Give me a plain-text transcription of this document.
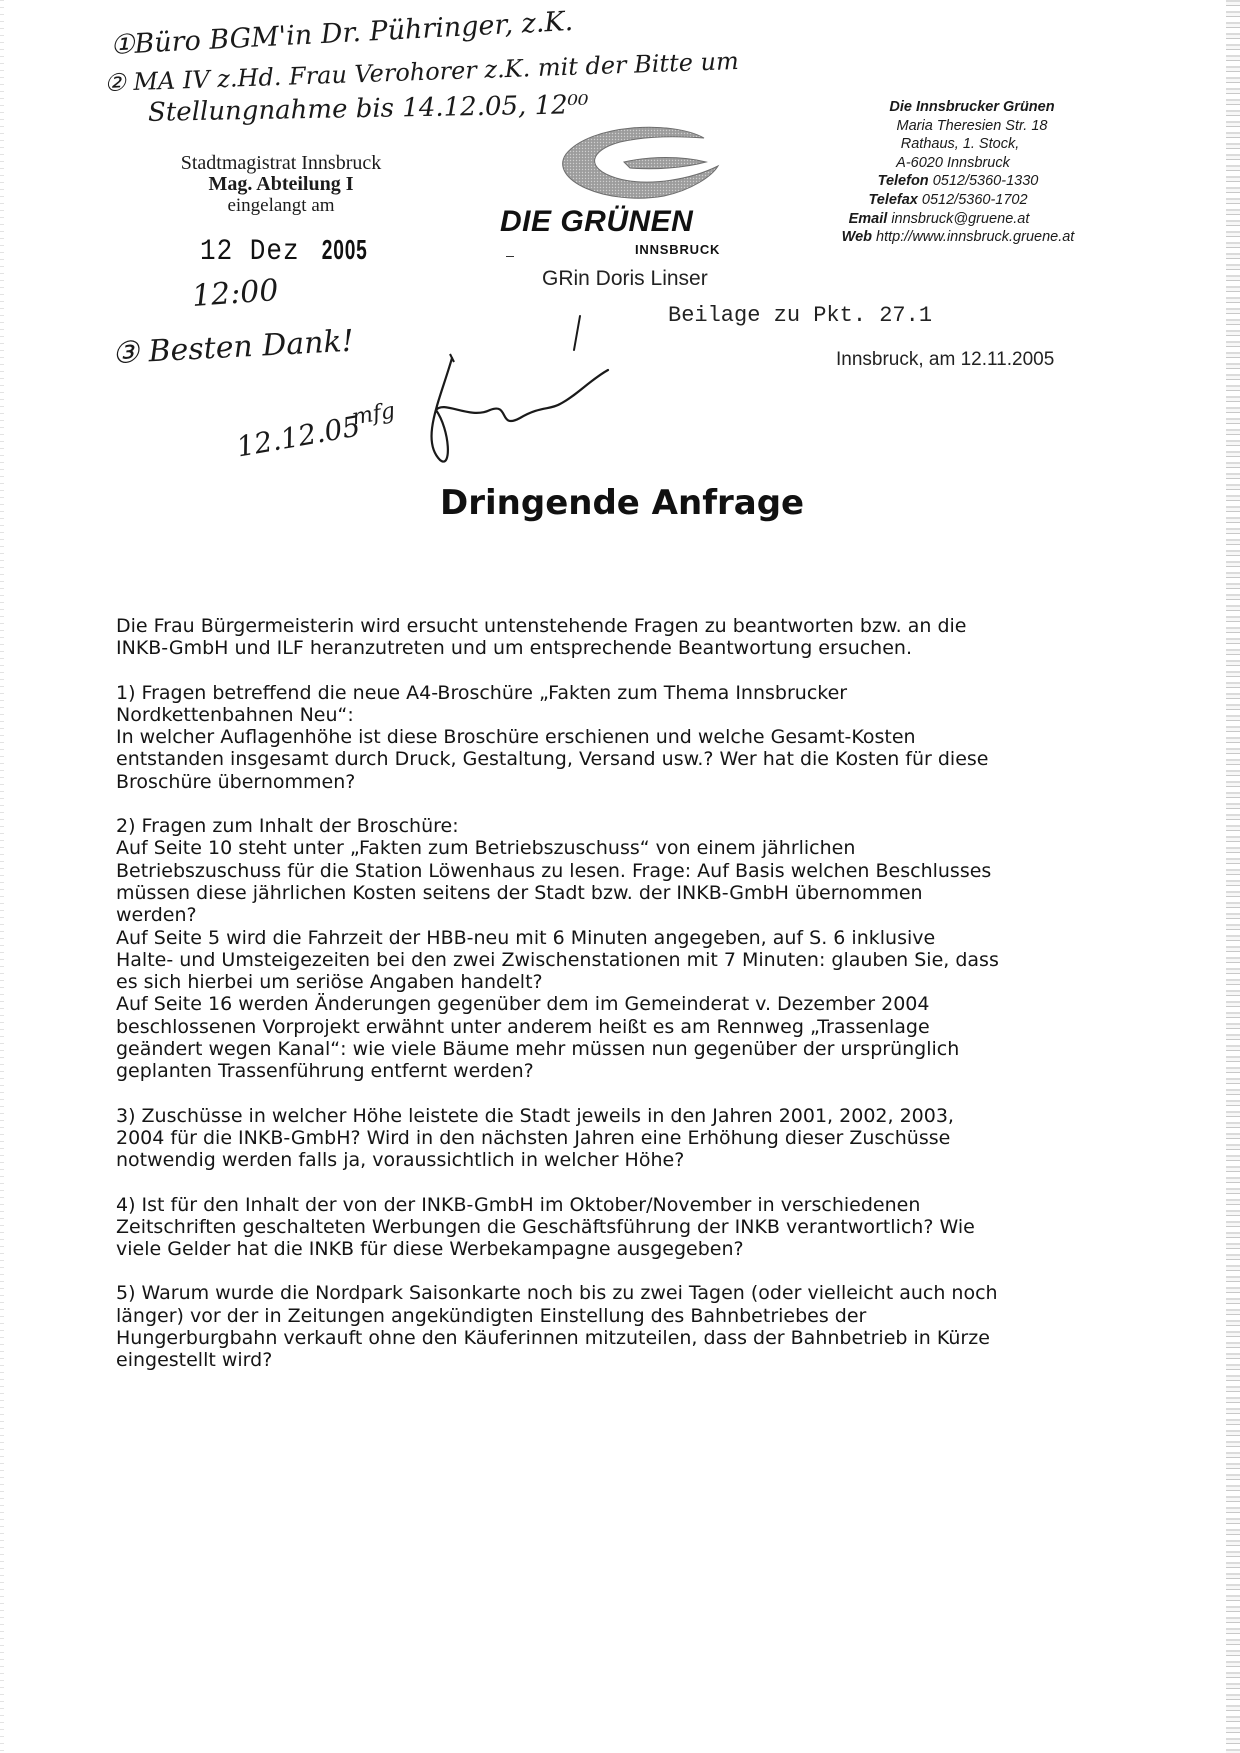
①Büro BGM'in Dr. Pühringer, z.K.
② MA IV z.Hd. Frau Verohorer z.K. mit der Bitte um
Stellungnahme bis 14.12.05, 12⁰⁰
Stadtmagistrat Innsbruck
Mag. Abteilung I
eingelangt am
12 Dez 2005
12:00
③ Besten Dank!
12.12.05
mfg
DIE GRÜNEN
INNSBRUCK
GRin Doris Linser
Die Innsbrucker Grünen
Maria Theresien Str. 18
Rathaus, 1. Stock,
A-6020 Innsbruck
Telefon 0512/5360-1330
Telefax 0512/5360-1702
Email innsbruck@gruene.at
Web http://www.innsbruck.gruene.at
Beilage zu Pkt. 27.1
Innsbruck, am 12.11.2005
Dringende Anfrage

Die Frau Bürgermeisterin wird ersucht untenstehende Fragen zu beantworten bzw. an die
INKB-GmbH und ILF heranzutreten und um entsprechende Beantwortung ersuchen.

1) Fragen betreffend die neue A4-Broschüre „Fakten zum Thema Innsbrucker
Nordkettenbahnen Neu“:
In welcher Auflagenhöhe ist diese Broschüre erschienen und welche Gesamt-Kosten
entstanden insgesamt durch Druck, Gestaltung, Versand usw.? Wer hat die Kosten für diese
Broschüre übernommen?

2) Fragen zum Inhalt der Broschüre:
Auf Seite 10 steht unter „Fakten zum Betriebszuschuss“ von einem jährlichen
Betriebszuschuss für die Station Löwenhaus zu lesen. Frage: Auf Basis welchen Beschlusses
müssen diese jährlichen Kosten seitens der Stadt bzw. der INKB-GmbH übernommen
werden?
Auf Seite 5 wird die Fahrzeit der HBB-neu mit 6 Minuten angegeben, auf S. 6 inklusive
Halte- und Umsteigezeiten bei den zwei Zwischenstationen mit 7 Minuten: glauben Sie, dass
es sich hierbei um seriöse Angaben handelt?
Auf Seite 16 werden Änderungen gegenüber dem im Gemeinderat v. Dezember 2004
beschlossenen Vorprojekt erwähnt unter anderem heißt es am Rennweg „Trassenlage
geändert wegen Kanal“: wie viele Bäume mehr müssen nun gegenüber der ursprünglich
geplanten Trassenführung entfernt werden?

3) Zuschüsse in welcher Höhe leistete die Stadt jeweils in den Jahren 2001, 2002, 2003,
2004 für die INKB-GmbH? Wird in den nächsten Jahren eine Erhöhung dieser Zuschüsse
notwendig werden falls ja, voraussichtlich in welcher Höhe?

4) Ist für den Inhalt der von der INKB-GmbH im Oktober/November in verschiedenen
Zeitschriften geschalteten Werbungen die Geschäftsführung der INKB verantwortlich? Wie
viele Gelder hat die INKB für diese Werbekampagne ausgegeben?

5) Warum wurde die Nordpark Saisonkarte noch bis zu zwei Tagen (oder vielleicht auch noch
länger) vor der in Zeitungen angekündigten Einstellung des Bahnbetriebes der
Hungerburgbahn verkauft ohne den Käuferinnen mitzuteilen, dass der Bahnbetrieb in Kürze
eingestellt wird?
